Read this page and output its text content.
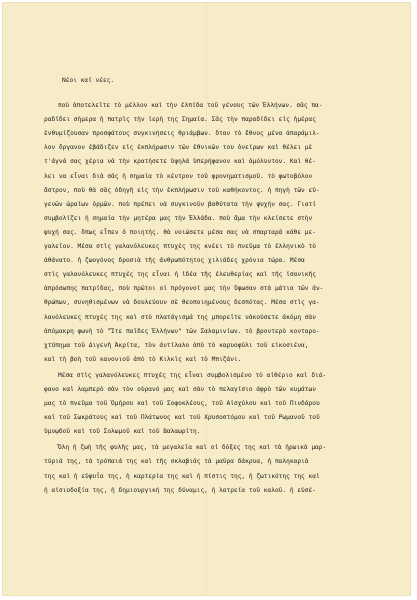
Νέοι καί νέες.
ποὺ ἀποτελεῖτε τὸ μέλλον καὶ τὴν ἐλπίδα τοῦ γένους τῶν Ἑλλήνων. σᾶς πα-
ραδίδει σήμερα ἡ πατρὶς τὴν ἱερὴ της Σημαία. Σᾶς τὴν παραδίδει εἰς ἡμέρας
ἐνθυμίζουσαν προσφάτους συγκινήσεις θριάμβων. ὅταν τὸ ἔθνος μένα ἀπαράμιλ-
λον ὄργανον ἐβάδιζεν εἰς ἐκπλήρωσιν τῶν ἐθνικῶν του ὀνείρων καὶ θέλει μὲ
τ'ἀγνά σας χέρια νὰ τὴν κρατήσετε ὑψηλά ὑπερήφανον καὶ ἀμόλυντον. Καὶ θέ-
λει να εἶναι διὰ σᾶς ἡ σημαία τὸ κέντρον τοῦ φρονηματισμοῦ. τὸ φωτοβόλον
ἄστρον, ποὺ θὰ σᾶς ὁδηγῆ εἰς τὴν ἐκπλήρωσιν τοῦ καθήκοντος. ἡ πηγὴ τῶν εὐ-
γενῶν ὡραίων ὁρμῶν. ποὺ πρέπει νὰ συγκινοῦν βαθύτατα τὴν ψυχήν σας. Γιατί
συμβολίζει ἡ σημαία τὴν μητέρα μας τὴν Ἑλλάδα. ποὺ ἅμα τὴν κλείσετε στὴν
ψυχή σας. ὅπως εἶπεν ὁ ποιητής. θὰ νοιώσετε μέσα σας νὰ σπαρταρᾶ κάθε με-
γαλεῖον. Μέσα στὶς γαλανόλευκες πτυχές της κνέει τὸ πνεῦμα τὸ ἑλληνικὸ τὸ
ἀθάνατο. ἡ ζωογόνος δροσιὰ τῆς ἀνθρωπότητος χιλιάδες χρόνια τώρα. Μέσα
στὶς γαλανόλευκες πτυχές της εἶναι ἡ ἰδέα τῆς ἐλευθερίας καὶ τῆς ἰσανικῆς
ἀπρόσωπης πατρίδας, ποὺ πρῶτοι οἱ πρόγονοί μας τὴν ὕψωσαν στὰ μάτια τῶν ἀν-
θρώπων, συνηθισμένων νὰ δουλεύουν σὲ θεοποιημένους δεσπότας. Μέσα στὶς γα-
λανόλευκες πτυχές της καὶ στὸ πλατάγισμά της μπορεῖτε νἀκούσετε ἀκόμη σὰν
ἀπόμακρη φωνὴ τὸ "Ἴτε παῖδες Ἑλλήνων" τῶν Σαλαμινίων. τὸ βροντερὸ κονταρο-
χτύπημα τοῦ Διγενῆ Ἀκρίτα, τὸν ἀντίλαλο ἀπὸ τὸ καρυοφύλι τοῦ εἰκοσιένα,
καὶ τὴ βοὴ τοῦ κανονιοῦ ἀπὸ τὸ Κιλκὶς καὶ τὸ Μπιζάνι.
Μέσα στὶς γαλανόλευκες πτυχές της εἶναι συμβολισμένο τὸ αἰθέριο καὶ διά-
φανο καὶ λαμπερὸ σὰν τὸν οὐρανό μας καὶ σὰν τὸ πελαγίσιο ἀφρὸ τῶν κυμάτων
μας τὸ πνεῦμα τοῦ Ὁμήρου καὶ τοῦ Σοφοκλέους, τοῦ Αἰσχύλου καὶ τοῦ Πινδάρου
καὶ τοῦ Σωκράτους καὶ τοῦ Πλάτωνος καὶ τοῦ Χρυσοστόμου καὶ τοῦ Ρωμανοῦ τοῦ
ὑμνῳδοῦ καὶ τοῦ Σολωμοῦ καὶ τοῦ Βαλαωρίτη.
Ὅλη ἡ ζωὴ τῆς φυλῆς μας, τὰ μεγαλεῖα καὶ οἱ δόξες της καὶ τὰ ἡρωικὰ μαρ-
τύριά της, τὰ τρόπαιά της καὶ τῆς σκλαβιᾶς τὰ μαῦρα δάκρυα, ἡ παληκαριὰ
της καὶ ἡ εὐφυΐα της, ἡ καρτερία της καὶ ἡ πίστις της, ἡ ζωτικότης της καὶ
ἡ αἰσιοδοξία της, ἡ δημιουργική της δύναμις, ἡ λατρεία τοῦ καλοῦ. ἡ εὐσέ-
